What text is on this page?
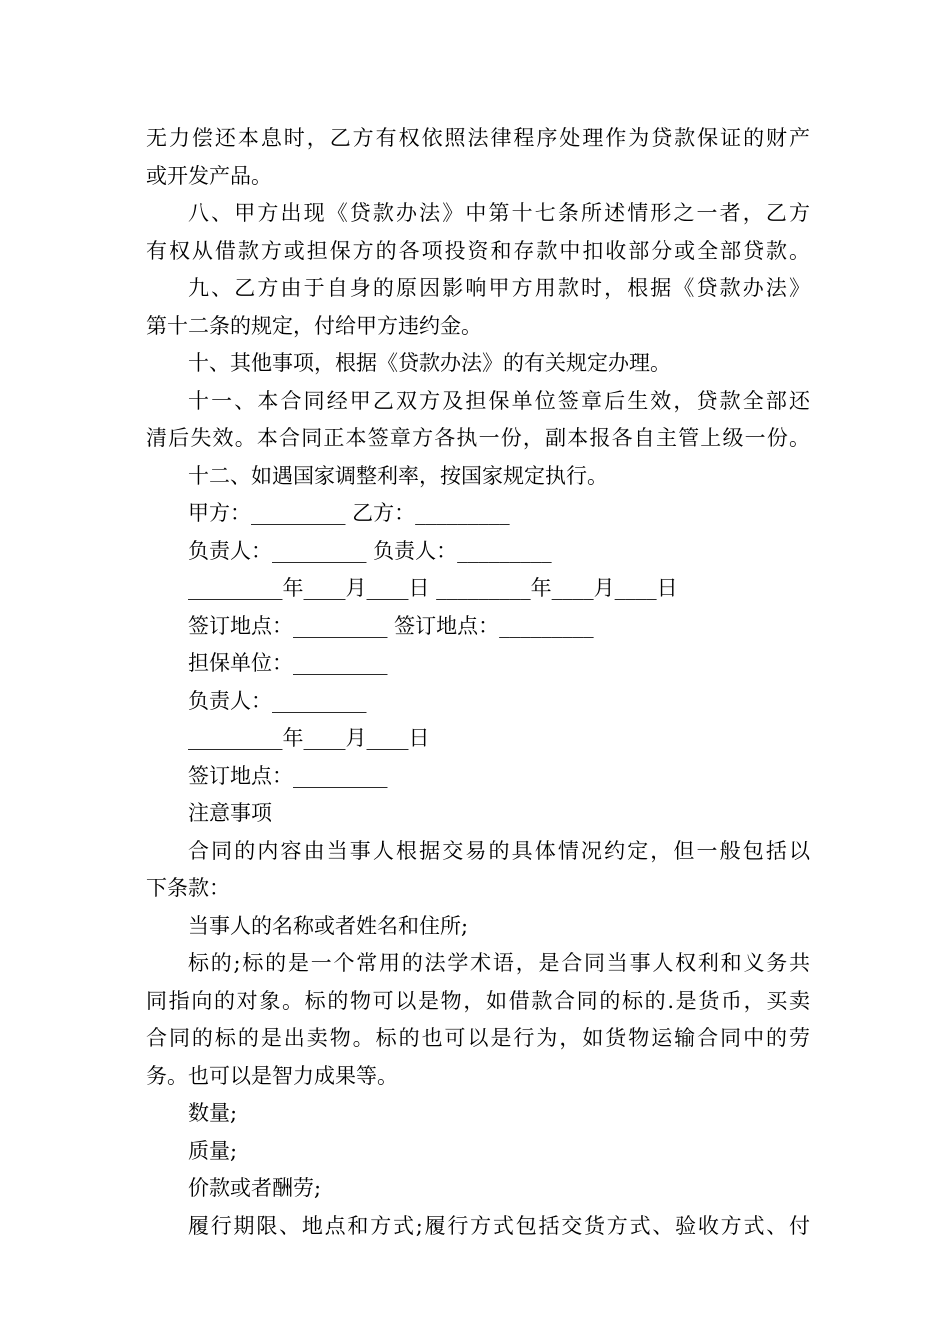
无力偿还本息时，乙方有权依照法律程序处理作为贷款保证的财产
或开发产品。
八、甲方出现《贷款办法》中第十七条所述情形之一者，乙方
有权从借款方或担保方的各项投资和存款中扣收部分或全部贷款。
九、乙方由于自身的原因影响甲方用款时，根据《贷款办法》
第十二条的规定，付给甲方违约金。
十、其他事项，根据《贷款办法》的有关规定办理。
十一、本合同经甲乙双方及担保单位签章后生效，贷款全部还
清后失效。本合同正本签章方各执一份，副本报各自主管上级一份。
十二、如遇国家调整利率，按国家规定执行。
甲方：_________ 乙方：_________
负责人：_________ 负责人：_________
_________年____月____日 _________年____月____日
签订地点：_________ 签订地点：_________
担保单位：_________
负责人：_________
_________年____月____日
签订地点：_________
注意事项
合同的内容由当事人根据交易的具体情况约定，但一般包括以
下条款：
当事人的名称或者姓名和住所;
标的;标的是一个常用的法学术语，是合同当事人权利和义务共
同指向的对象。标的物可以是物，如借款合同的标的.是货币，买卖
合同的标的是出卖物。标的也可以是行为，如货物运输合同中的劳
务。也可以是智力成果等。
数量;
质量;
价款或者酬劳;
履行期限、地点和方式;履行方式包括交货方式、验收方式、付
